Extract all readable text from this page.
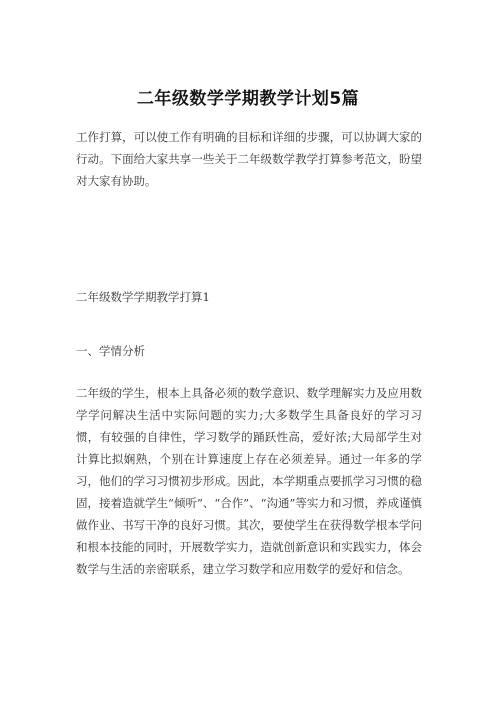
二年级数学学期教学计划5篇

工作打算，可以使工作有明确的目标和详细的步骤，可以协调大家的行动。下面给大家共享一些关于二年级数学教学打算参考范文，盼望对大家有协助。

二年级数学学期教学打算1

一、学情分析

二年级的学生，根本上具备必须的数学意识、数学理解实力及应用数学学问解决生活中实际问题的实力;大多数学生具备良好的学习习惯，有较强的自律性，学习数学的踊跃性高，爱好浓;大局部学生对计算比拟娴熟，个别在计算速度上存在必须差异。通过一年多的学习，他们的学习习惯初步形成。因此，本学期重点要抓学习习惯的稳固，接着造就学生“倾听”、“合作”、“沟通”等实力和习惯，养成谨慎做作业、书写干净的良好习惯。其次，要使学生在获得数学根本学问和根本技能的同时，开展数学实力，造就创新意识和实践实力，体会数学与生活的亲密联系，建立学习数学和应用数学的爱好和信念。
